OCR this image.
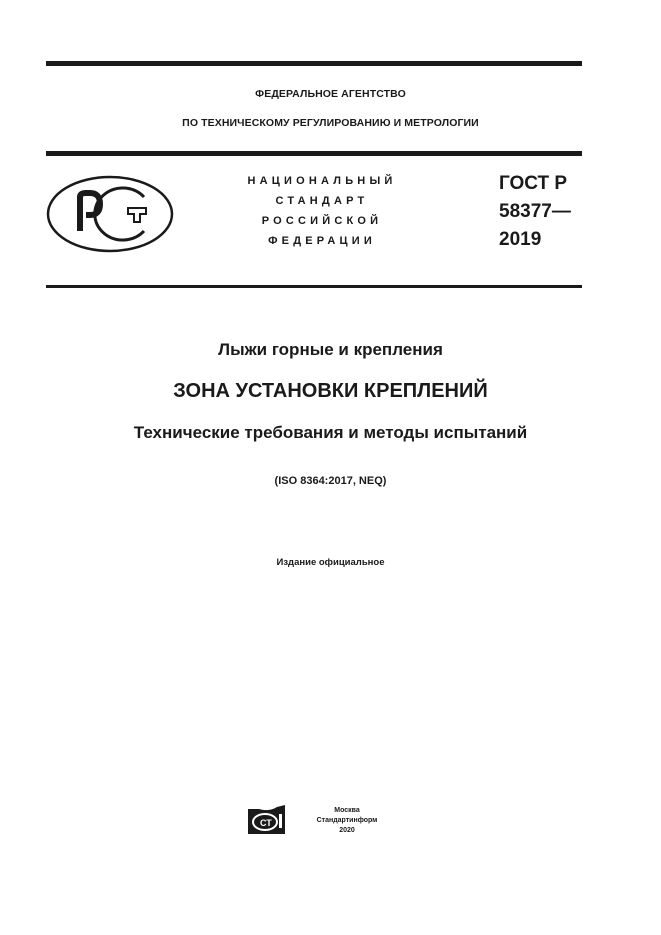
ФЕДЕРАЛЬНОЕ АГЕНТСТВО
ПО ТЕХНИЧЕСКОМУ РЕГУЛИРОВАНИЮ И МЕТРОЛОГИИ
НАЦИОНАЛЬНЫЙ
СТАНДАРТ
РОССИЙСКОЙ
ФЕДЕРАЦИИ
ГОСТ Р
58377—
2019
Лыжи горные и крепления
ЗОНА УСТАНОВКИ КРЕПЛЕНИЙ
Технические требования и методы испытаний
(ISO 8364:2017, NEQ)
Издание официальное
СТ
Москва
Стандартинформ
2020
